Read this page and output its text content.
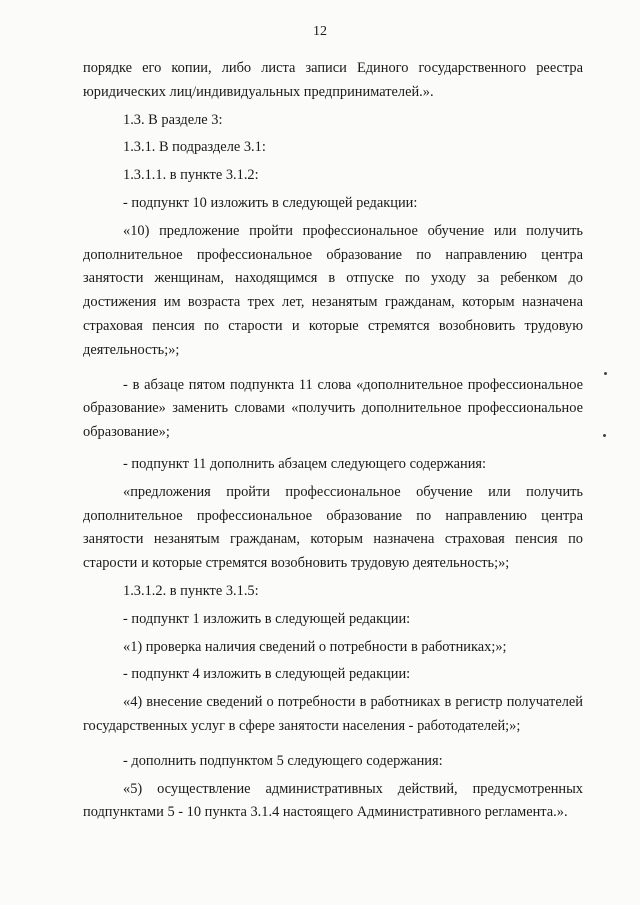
12

порядке его копии, либо листа записи Единого государственного реестра юридических лиц/индивидуальных предпринимателей.».

1.3. В разделе 3:

1.3.1. В подразделе 3.1:

1.3.1.1. в пункте 3.1.2:

- подпункт 10 изложить в следующей редакции:

«10) предложение пройти профессиональное обучение или получить дополнительное профессиональное образование по направлению центра занятости женщинам, находящимся в отпуске по уходу за ребенком до достижения им возраста трех лет, незанятым гражданам, которым назначена страховая пенсия по старости и которые стремятся возобновить трудовую деятельность;»;

- в абзаце пятом подпункта 11 слова «дополнительное профессиональное образование» заменить словами «получить дополнительное профессиональное образование»;

- подпункт 11 дополнить абзацем следующего содержания:

«предложения пройти профессиональное обучение или получить дополнительное профессиональное образование по направлению центра занятости незанятым гражданам, которым назначена страховая пенсия по старости и которые стремятся возобновить трудовую деятельность;»;

1.3.1.2. в пункте 3.1.5:

- подпункт 1 изложить в следующей редакции:

«1) проверка наличия сведений о потребности в работниках;»;

- подпункт 4 изложить в следующей редакции:

«4) внесение сведений о потребности в работниках в регистр получателей государственных услуг в сфере занятости населения - работодателей;»;

- дополнить подпунктом 5 следующего содержания:

«5) осуществление административных действий, предусмотренных подпунктами 5 - 10 пункта 3.1.4 настоящего Административного регламента.».
